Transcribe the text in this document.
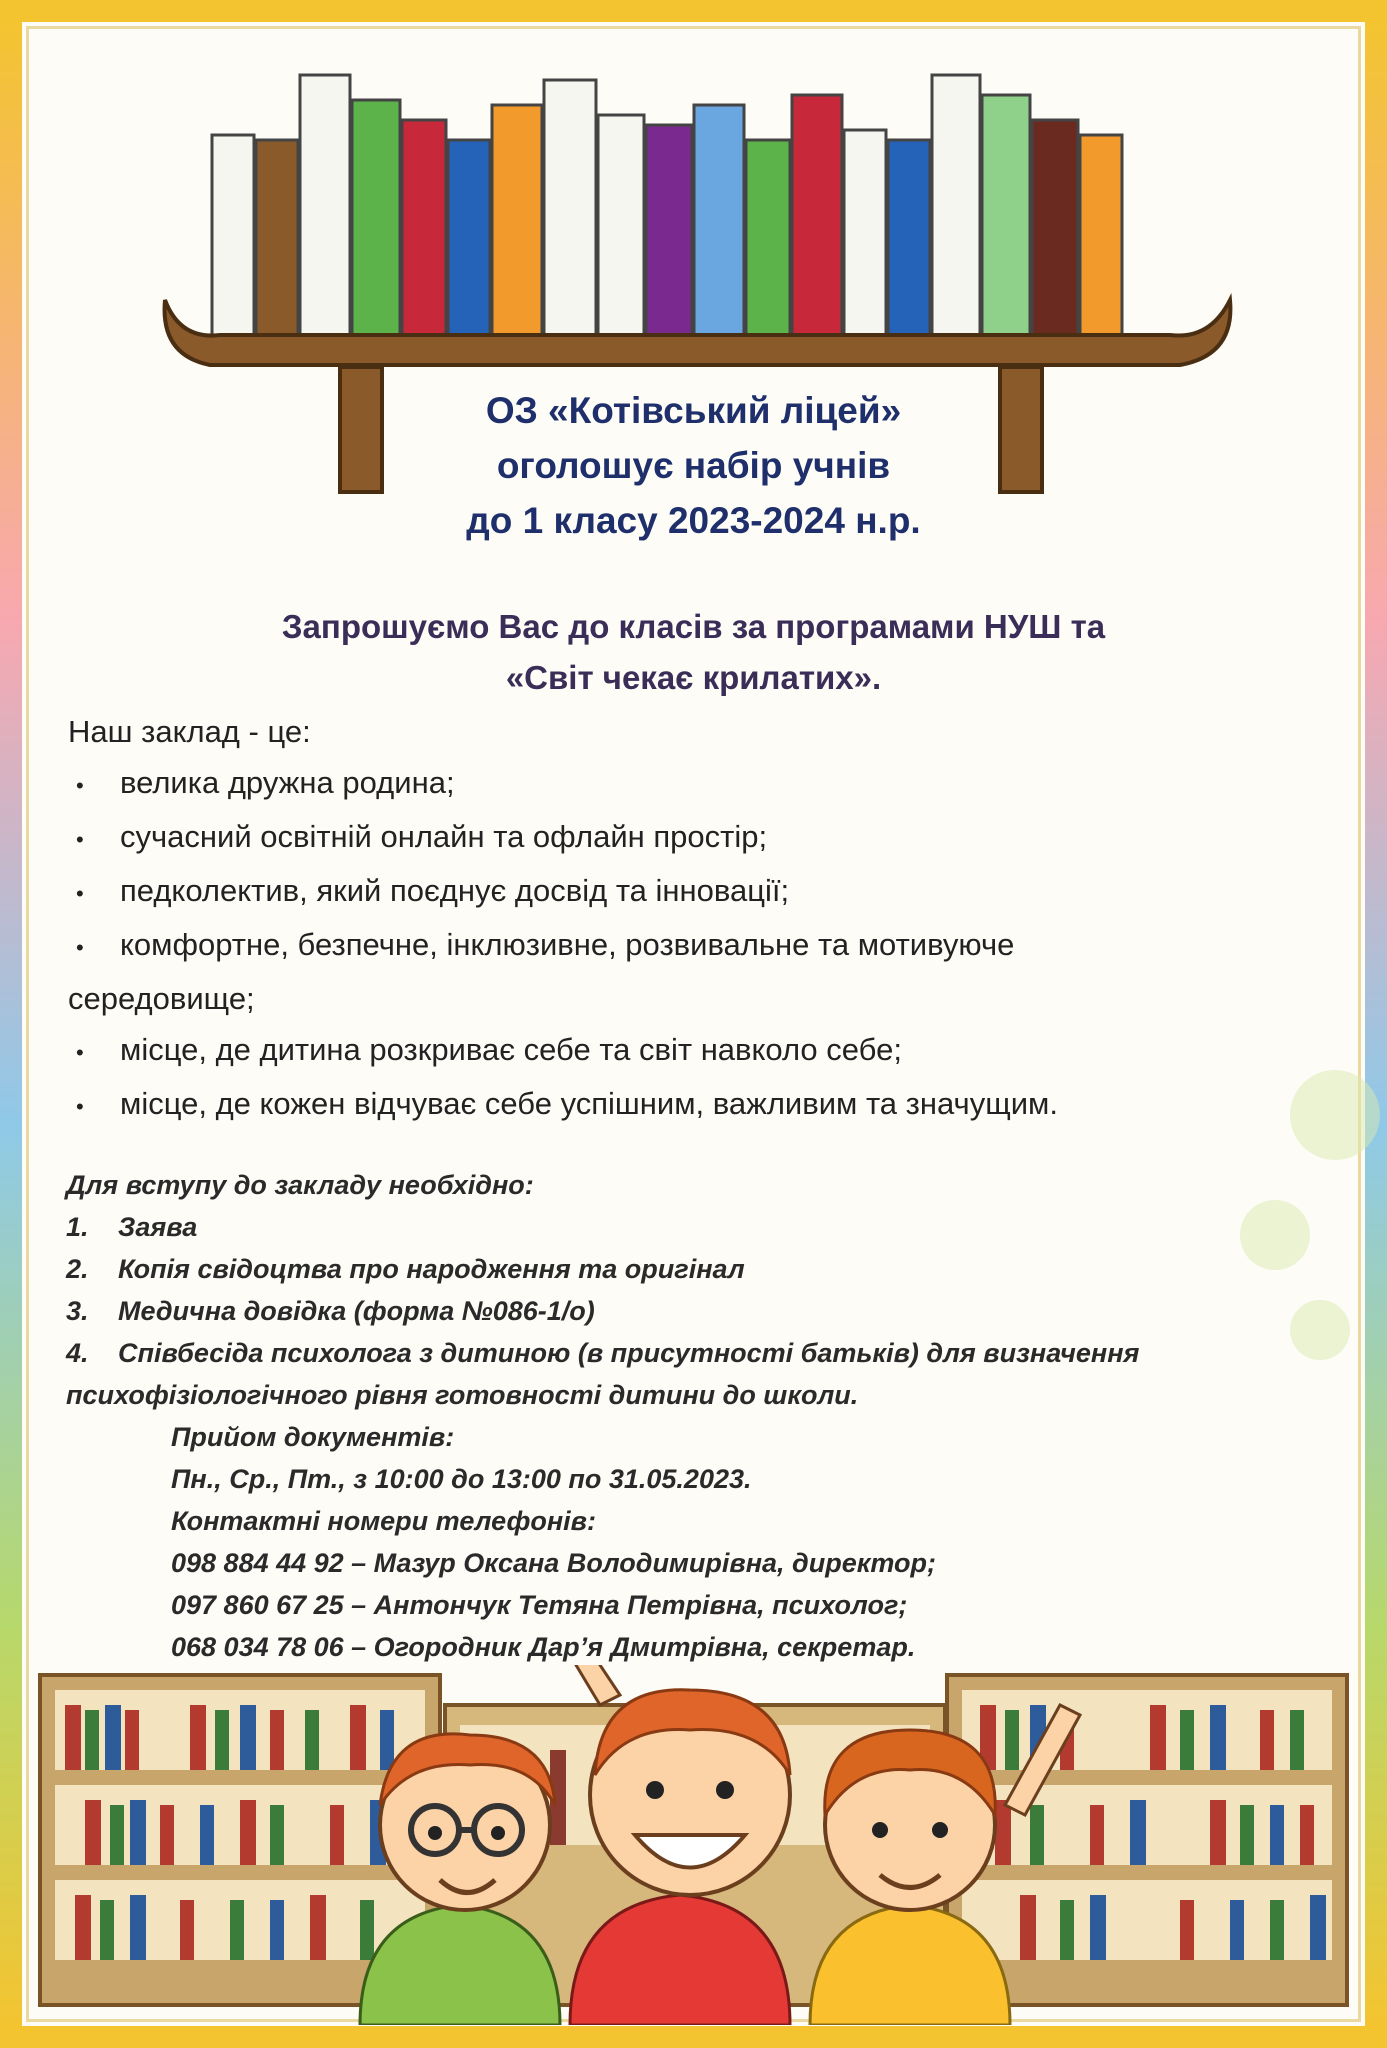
ОЗ «Котівський ліцей»

оголошує набір учнів

до 1 класу 2023-2024 н.р.

Запрошуємо Вас до класів за програмами НУШ та

«Світ чекає крилатих».

Наш заклад - це:

•	велика дружна родина;
•	сучасний освітній онлайн та офлайн простір;
•	педколектив, який поєднує досвід та інновації;
•	комфортне, безпечне, інклюзивне, розвивальне та мотивуюче

середовище;

•	місце, де дитина розкриває себе та світ навколо себе;
•	місце, де кожен відчуває себе успішним, важливим та значущим.

Для вступу до закладу необхідно:

1. Заява

2. Копія свідоцтва про народження та оригінал

3. Медична довідка (форма №086-1/о)

4. Співбесіда психолога з дитиною (в присутності батьків) для визначення

психофізіологічного рівня готовності дитини до школи.

Прийом документів:

Пн., Ср., Пт., з 10:00 до 13:00 по 31.05.2023.

Контактні номери телефонів:

098 884 44 92 – Мазур Оксана Володимирівна, директор;

097 860 67 25 – Антончук Тетяна Петрівна, психолог;

068 034 78 06 – Огородник Дар’я Дмитрівна, секретар.
